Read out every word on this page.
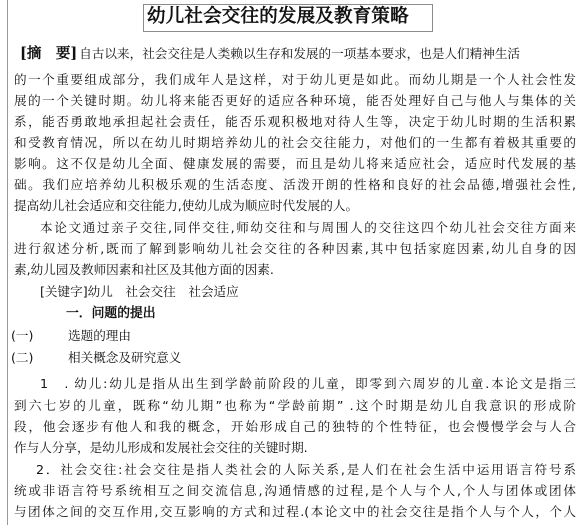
幼儿社会交往的发展及教育策略
[摘　要] 自古以来，社会交往是人类赖以生存和发展的一项基本要求，也是人们精神生活
的一个重要组成部分，我们成年人是这样，对于幼儿更是如此。而幼儿期是一个人社会性发
展的一个关键时期。幼儿将来能否更好的适应各种环境，能否处理好自己与他人与集体的关
系，能否勇敢地承担起社会责任，能否乐观积极地对待人生等，决定于幼儿时期的生活积累
和受教育情况，所以在幼儿时期培养幼儿的社会交往能力，对他们的一生都有着极其重要的
影响。这不仅是幼儿全面、健康发展的需要，而且是幼儿将来适应社会，适应时代发展的基
础。我们应培养幼儿积极乐观的生活态度、活泼开朗的性格和良好的社会品德,增强社会性,
提高幼儿社会适应和交往能力,使幼儿成为顺应时代发展的人。
本论文通过亲子交往,同伴交往,师幼交往和与周围人的交往这四个幼儿社会交往方面来
进行叙述分析,既而了解到影响幼儿社会交往的各种因素,其中包括家庭因素,幼儿自身的因
素,幼儿园及教师因素和社区及其他方面的因素.
[关键字]幼儿　社会交往　社会适应
一．问题的提出
(一)	选题的理由
(二)	相关概念及研究意义
1　. 幼儿:幼儿是指从出生到学龄前阶段的儿童，即零到六周岁的儿童.本论文是指三
到六七岁的儿童，既称“幼儿期”也称为“学龄前期” .这个时期是幼儿自我意识的形成阶
段，他会逐步有他人和我的概念，开始形成自己的独特的个性特征，也会慢慢学会与人合
作与人分享，是幼儿形成和发展社会交往的关键时期.
2．社会交往:社会交往是指人类社会的人际关系,是人们在社会生活中运用语言符号系
统或非语言符号系统相互之间交流信息,沟通情感的过程,是个人与个人,个人与团体或团体
与团体之间的交互作用,交互影响的方式和过程.(本论文中的社会交往是指个人与个人，个人
